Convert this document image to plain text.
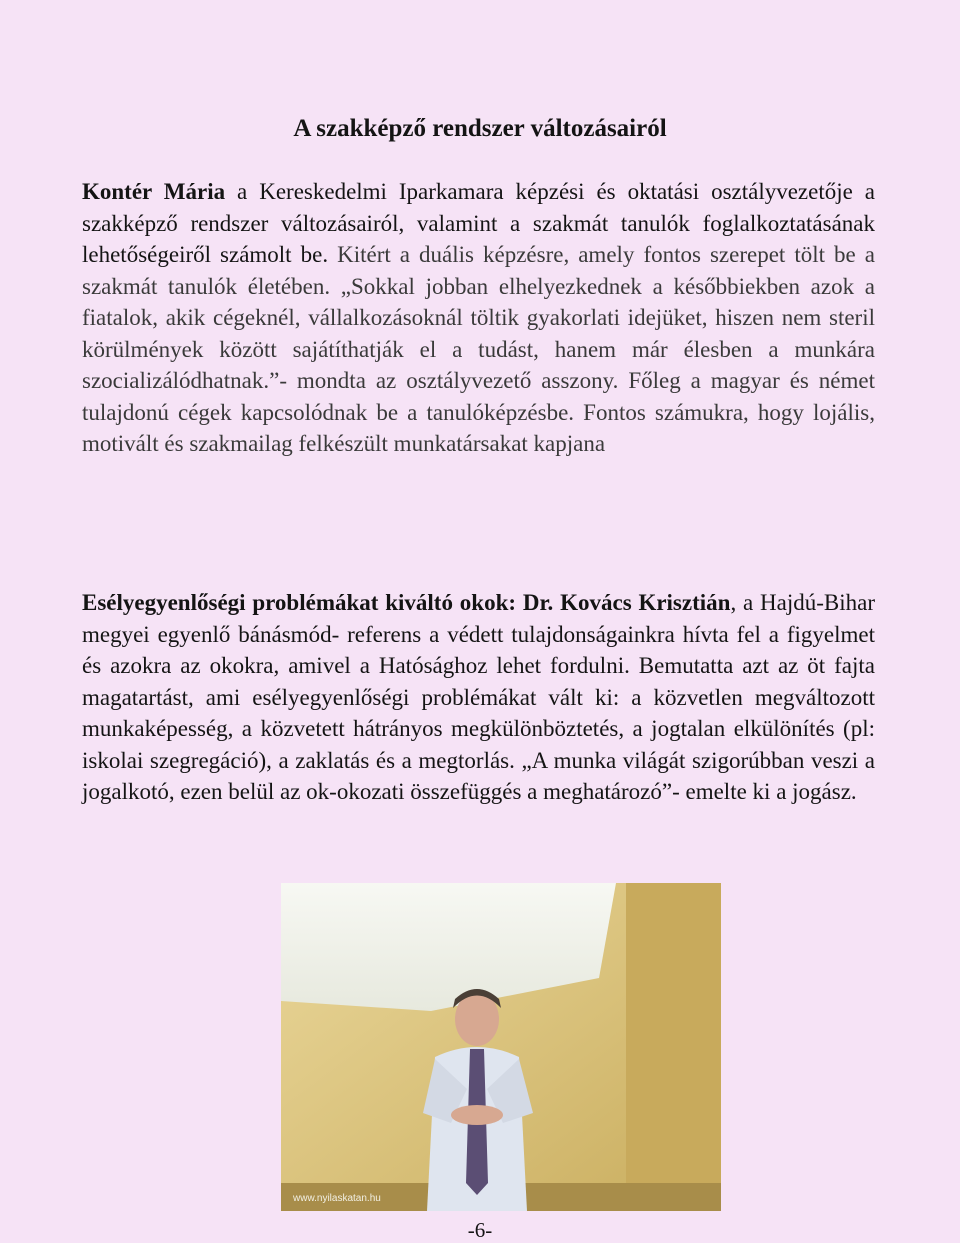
A szakképző rendszer változásairól

Kontér Mária a Kereskedelmi Iparkamara képzési és oktatási osztályvezetője a szakképző rendszer változásairól, valamint a szakmát tanulók foglalkoztatásának lehetőségeiről számolt be. Kitért a duális képzésre, amely fontos szerepet tölt be a szakmát tanulók életében. „Sokkal jobban elhelyezkednek a későbbiekben azok a fiatalok, akik cégeknél, vállalkozásoknál töltik gyakorlati idejüket, hiszen nem steril körülmények között sajátíthatják el a tudást, hanem már élesben a munkára szocializálódhatnak.”- mondta az osztályvezető asszony. Főleg a magyar és német tulajdonú cégek kapcsolódnak be a tanulóképzésbe. Fontos számukra, hogy lojális, motivált és szakmailag felkészült munkatársakat kapjana

Esélyegyenlőségi problémákat kiváltó okok: Dr. Kovács Krisztián, a Hajdú-Bihar megyei egyenlő bánásmód- referens a védett tulajdonságainkra hívta fel a figyelmet és azokra az okokra, amivel a Hatósághoz lehet fordulni. Bemutatta azt az öt fajta magatartást, ami esélyegyenlőségi problémákat vált ki: a közvetlen megváltozott munkaképesség, a közvetett hátrányos megkülönböztetés, a jogtalan elkülönítés (pl: iskolai szegregáció), a zaklatás és a megtorlás. „A munka világát szigorúbban veszi a jogalkotó, ezen belül az ok-okozati összefüggés a meghatározó”- emelte ki a jogász.

www.nyilaskatan.hu
-6-
